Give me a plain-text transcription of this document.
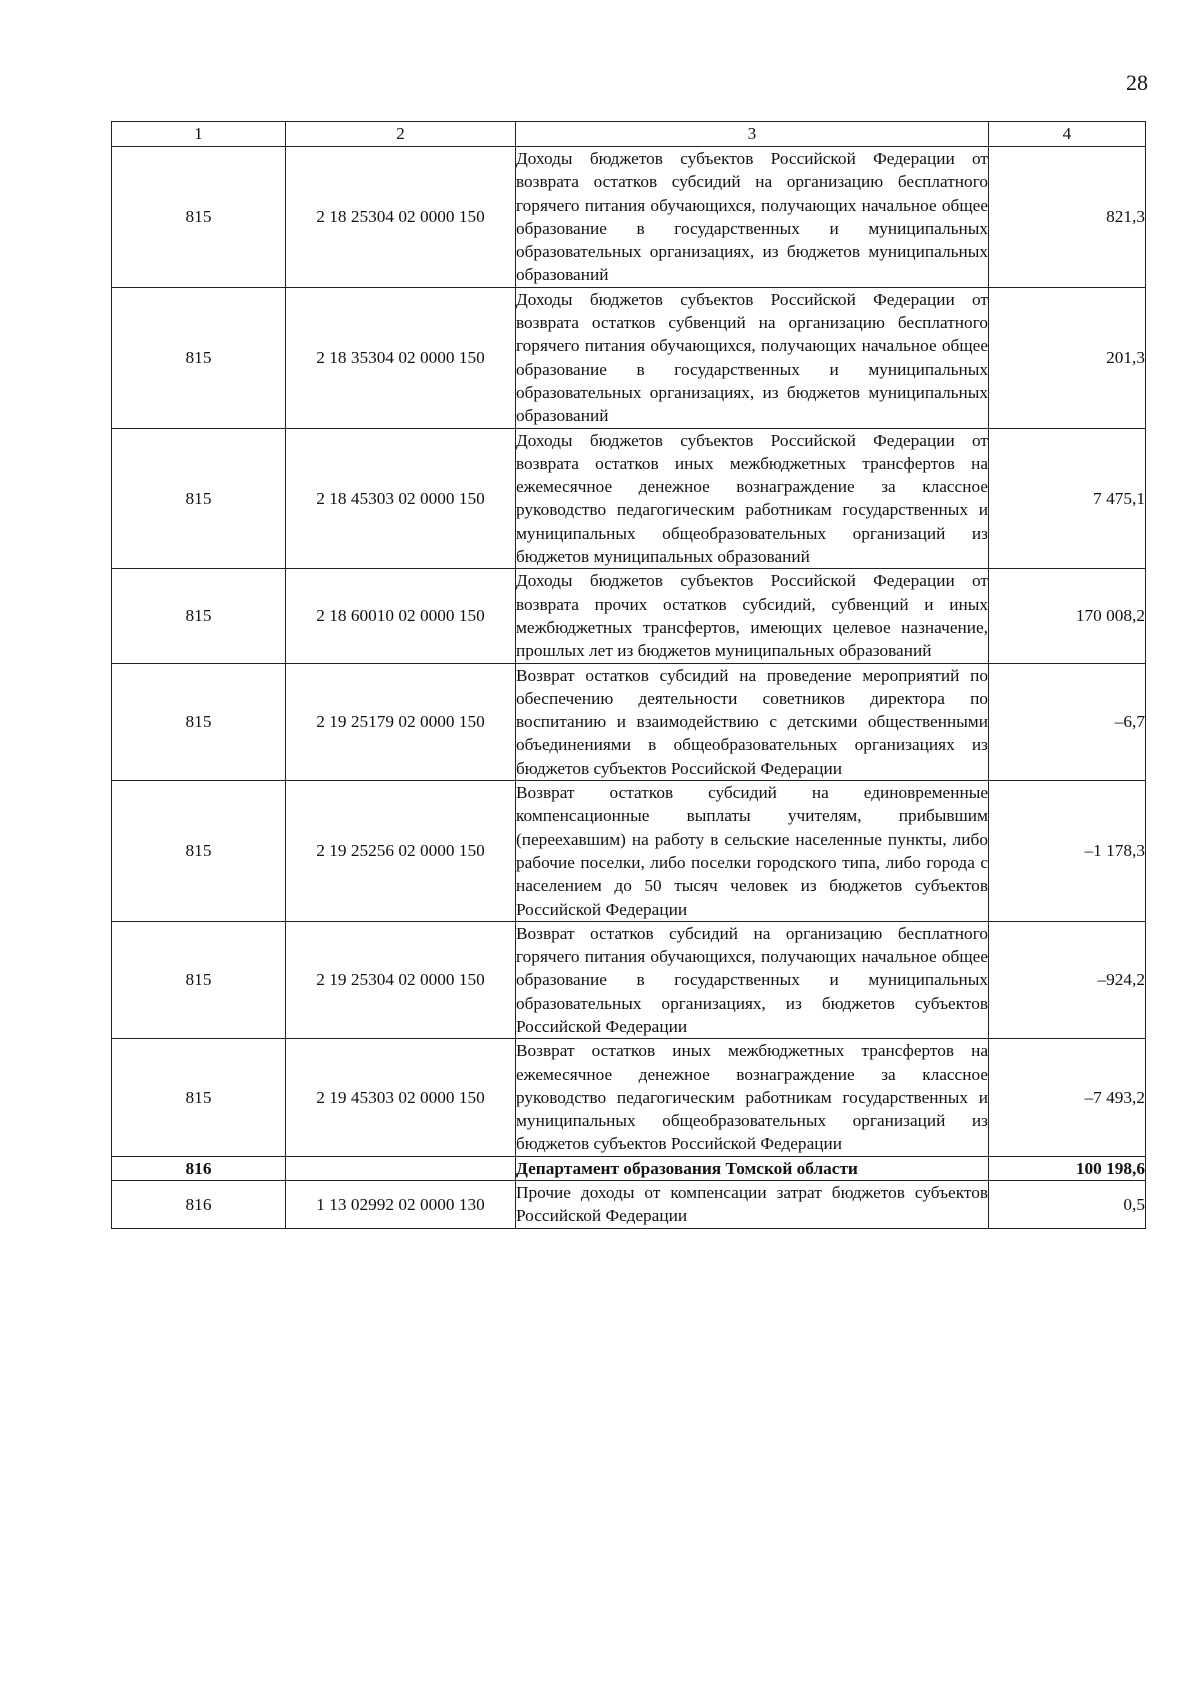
28
1	2	3	4
815	2 18 25304 02 0000 150	Доходы бюджетов субъектов Российской Федерации от возврата остатков субсидий на организацию бесплатного горячего питания обучающихся, получающих начальное общее образование в государственных и муниципальных образовательных организациях, из бюджетов муниципальных образований	821,3
815	2 18 35304 02 0000 150	Доходы бюджетов субъектов Российской Федерации от возврата остатков субвенций на организацию бесплатного горячего питания обучающихся, получающих начальное общее образование в государственных и муниципальных образовательных организациях, из бюджетов муниципальных образований	201,3
815	2 18 45303 02 0000 150	Доходы бюджетов субъектов Российской Федерации от возврата остатков иных межбюджетных трансфертов на ежемесячное денежное вознаграждение за классное руководство педагогическим работникам государственных и муниципальных общеобразовательных организаций из бюджетов муниципальных образований	7 475,1
815	2 18 60010 02 0000 150	Доходы бюджетов субъектов Российской Федерации от возврата прочих остатков субсидий, субвенций и иных межбюджетных трансфертов, имеющих целевое назначение, прошлых лет из бюджетов муниципальных образований	170 008,2
815	2 19 25179 02 0000 150	Возврат остатков субсидий на проведение мероприятий по обеспечению деятельности советников директора по воспитанию и взаимодействию с детскими общественными объединениями в общеобразовательных организациях из бюджетов субъектов Российской Федерации	–6,7
815	2 19 25256 02 0000 150	Возврат остатков субсидий на единовременные компенсационные выплаты учителям, прибывшим (переехавшим) на работу в сельские населенные пункты, либо рабочие поселки, либо поселки городского типа, либо города с населением до 50 тысяч человек из бюджетов субъектов Российской Федерации	–1 178,3
815	2 19 25304 02 0000 150	Возврат остатков субсидий на организацию бесплатного горячего питания обучающихся, получающих начальное общее образование в государственных и муниципальных образовательных организациях, из бюджетов субъектов Российской Федерации	–924,2
815	2 19 45303 02 0000 150	Возврат остатков иных межбюджетных трансфертов на ежемесячное денежное вознаграждение за классное руководство педагогическим работникам государственных и муниципальных общеобразовательных организаций из бюджетов субъектов Российской Федерации	–7 493,2
816		Департамент образования Томской области	100 198,6
816	1 13 02992 02 0000 130	Прочие доходы от компенсации затрат бюджетов субъектов Российской Федерации	0,5
